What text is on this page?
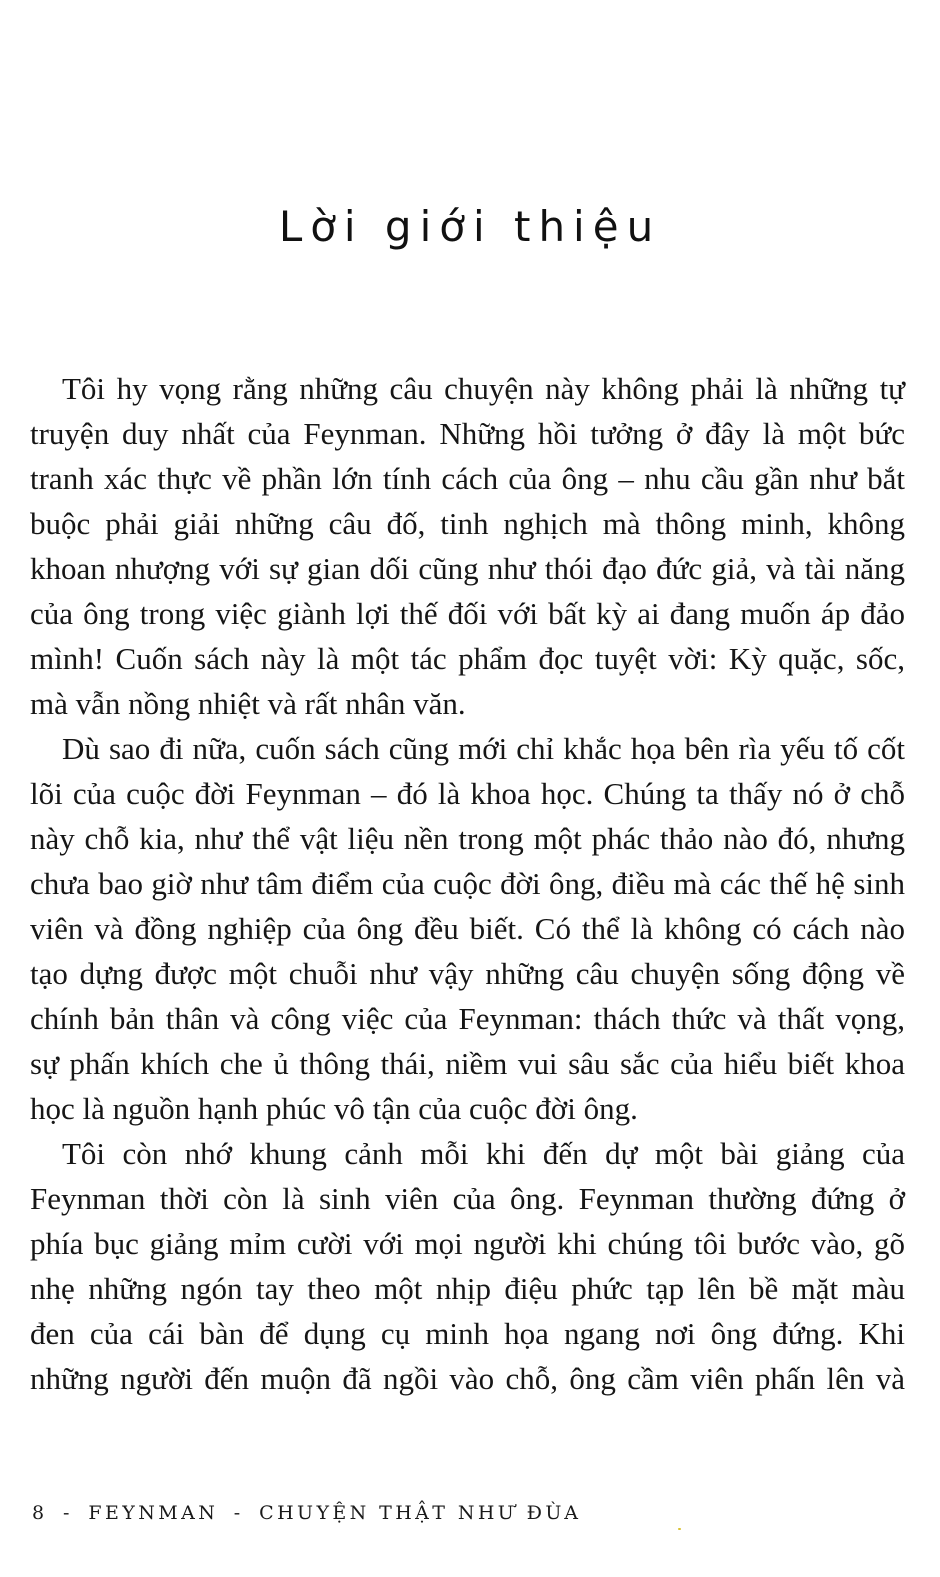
Lời giới thiệu
Tôi hy vọng rằng những câu chuyện này không phải là những tự
truyện duy nhất của Feynman. Những hồi tưởng ở đây là một bức
tranh xác thực về phần lớn tính cách của ông – nhu cầu gần như bắt
buộc phải giải những câu đố, tinh nghịch mà thông minh, không
khoan nhượng với sự gian dối cũng như thói đạo đức giả, và tài năng
của ông trong việc giành lợi thế đối với bất kỳ ai đang muốn áp đảo
mình! Cuốn sách này là một tác phẩm đọc tuyệt vời: Kỳ quặc, sốc,
mà vẫn nồng nhiệt và rất nhân văn.
Dù sao đi nữa, cuốn sách cũng mới chỉ khắc họa bên rìa yếu tố cốt
lõi của cuộc đời Feynman – đó là khoa học. Chúng ta thấy nó ở chỗ
này chỗ kia, như thể vật liệu nền trong một phác thảo nào đó, nhưng
chưa bao giờ như tâm điểm của cuộc đời ông, điều mà các thế hệ sinh
viên và đồng nghiệp của ông đều biết. Có thể là không có cách nào
tạo dựng được một chuỗi như vậy những câu chuyện sống động về
chính bản thân và công việc của Feynman: thách thức và thất vọng,
sự phấn khích che ủ thông thái, niềm vui sâu sắc của hiểu biết khoa
học là nguồn hạnh phúc vô tận của cuộc đời ông.
Tôi còn nhớ khung cảnh mỗi khi đến dự một bài giảng của
Feynman thời còn là sinh viên của ông. Feynman thường đứng ở
phía bục giảng mỉm cười với mọi người khi chúng tôi bước vào, gõ
nhẹ những ngón tay theo một nhịp điệu phức tạp lên bề mặt màu
đen của cái bàn để dụng cụ minh họa ngang nơi ông đứng. Khi
những người đến muộn đã ngồi vào chỗ, ông cầm viên phấn lên và
8 - FEYNMAN - CHUYỆN THẬT NHƯ ĐÙA
